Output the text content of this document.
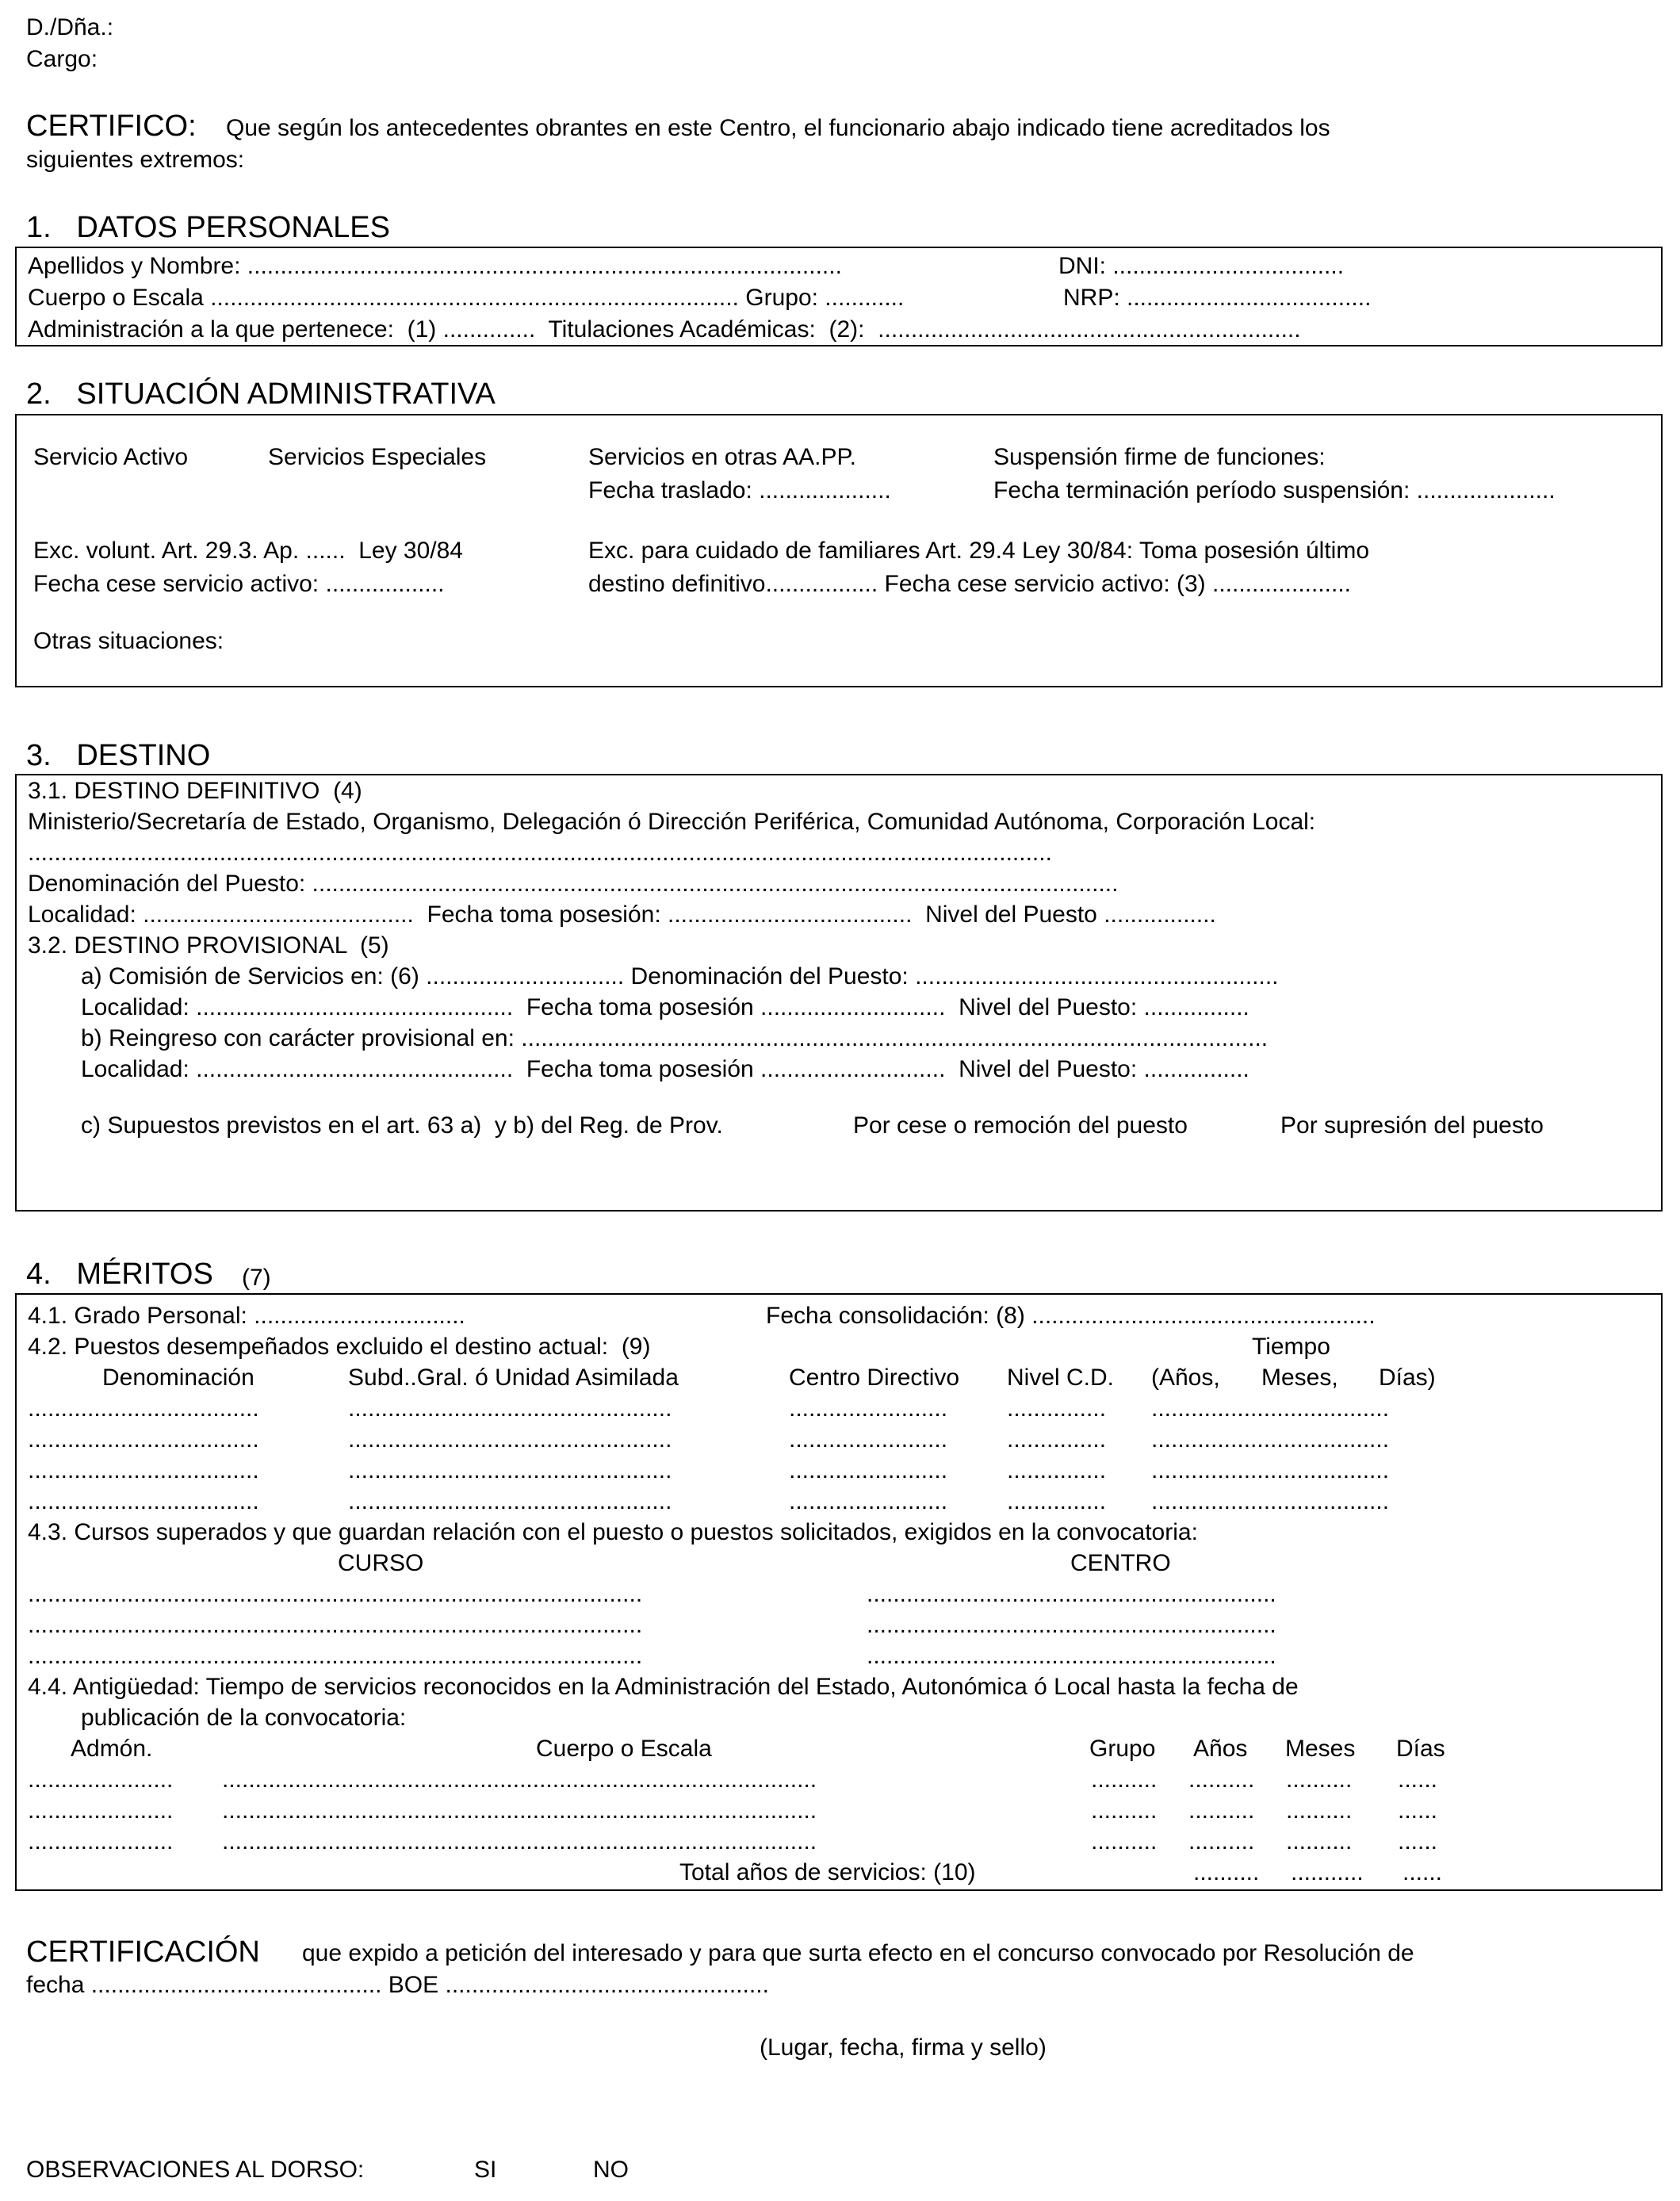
D./Dña.:
Cargo:
CERTIFICO: Que según los antecedentes obrantes en este Centro, el funcionario abajo indicado tiene acreditados los
siguientes extremos:
1.   DATOS PERSONALES
Apellidos y Nombre: ..........................................................................................	DNI: ...................................
Cuerpo o Escala ................................................................................ Grupo: ............	NRP: .....................................
Administración a la que pertenece:  (1) ..............  Titulaciones Académicas:  (2):  ................................................................
2.   SITUACIÓN ADMINISTRATIVA
Servicio Activo	Servicios Especiales	Servicios en otras AA.PP.	Suspensión firme de funciones:
Fecha traslado: ....................	Fecha terminación período suspensión: .....................
Exc. volunt. Art. 29.3. Ap. ......  Ley 30/84	Exc. para cuidado de familiares Art. 29.4 Ley 30/84: Toma posesión último
Fecha cese servicio activo: ..................	destino definitivo................. Fecha cese servicio activo: (3) .....................
Otras situaciones:
3.   DESTINO
3.1. DESTINO DEFINITIVO  (4)
Ministerio/Secretaría de Estado, Organismo, Delegación ó Dirección Periférica, Comunidad Autónoma, Corporación Local:
...........................................................................................................................................................
Denominación del Puesto: ..........................................................................................................................
Localidad: .........................................  Fecha toma posesión: .....................................  Nivel del Puesto .................
3.2. DESTINO PROVISIONAL  (5)
a) Comisión de Servicios en: (6) .............................. Denominación del Puesto: .......................................................
Localidad: ................................................  Fecha toma posesión ............................  Nivel del Puesto: ................
b) Reingreso con carácter provisional en: .................................................................................................................
Localidad: ................................................  Fecha toma posesión ............................  Nivel del Puesto: ................
c) Supuestos previstos en el art. 63 a)  y b) del Reg. de Prov.	Por cese o remoción del puesto	Por supresión del puesto
4.   MÉRITOS (7)
4.1. Grado Personal: ................................	Fecha consolidación: (8) ....................................................
4.2. Puestos desempeñados excluido el destino actual:  (9)	Tiempo
Denominación	Subd..Gral. ó Unidad Asimilada	Centro Directivo Nivel C.D. (Años, Meses, Días)
...................................	.................................................	........................ ............... ....................................
...................................	.................................................	........................ ............... ....................................
...................................	.................................................	........................ ............... ....................................
...................................	.................................................	........................ ............... ....................................
4.3. Cursos superados y que guardan relación con el puesto o puestos solicitados, exigidos en la convocatoria:
CURSO	CENTRO
.............................................................................................	..............................................................
.............................................................................................	..............................................................
.............................................................................................	..............................................................
4.4. Antigüedad: Tiempo de servicios reconocidos en la Administración del Estado, Autonómica ó Local hasta la fecha de
publicación de la convocatoria:
Admón.	Cuerpo o Escala	Grupo Años Meses Días
...................... ..........................................................................................	.......... .......... .......... ......
...................... ..........................................................................................	.......... .......... .......... ......
...................... ..........................................................................................	.......... .......... .......... ......
Total años de servicios: (10)	.......... ........... ......
CERTIFICACIÓN que expido a petición del interesado y para que surta efecto en el concurso convocado por Resolución de
fecha ............................................ BOE .................................................
(Lugar, fecha, firma y sello)
OBSERVACIONES AL DORSO:	SI	NO
